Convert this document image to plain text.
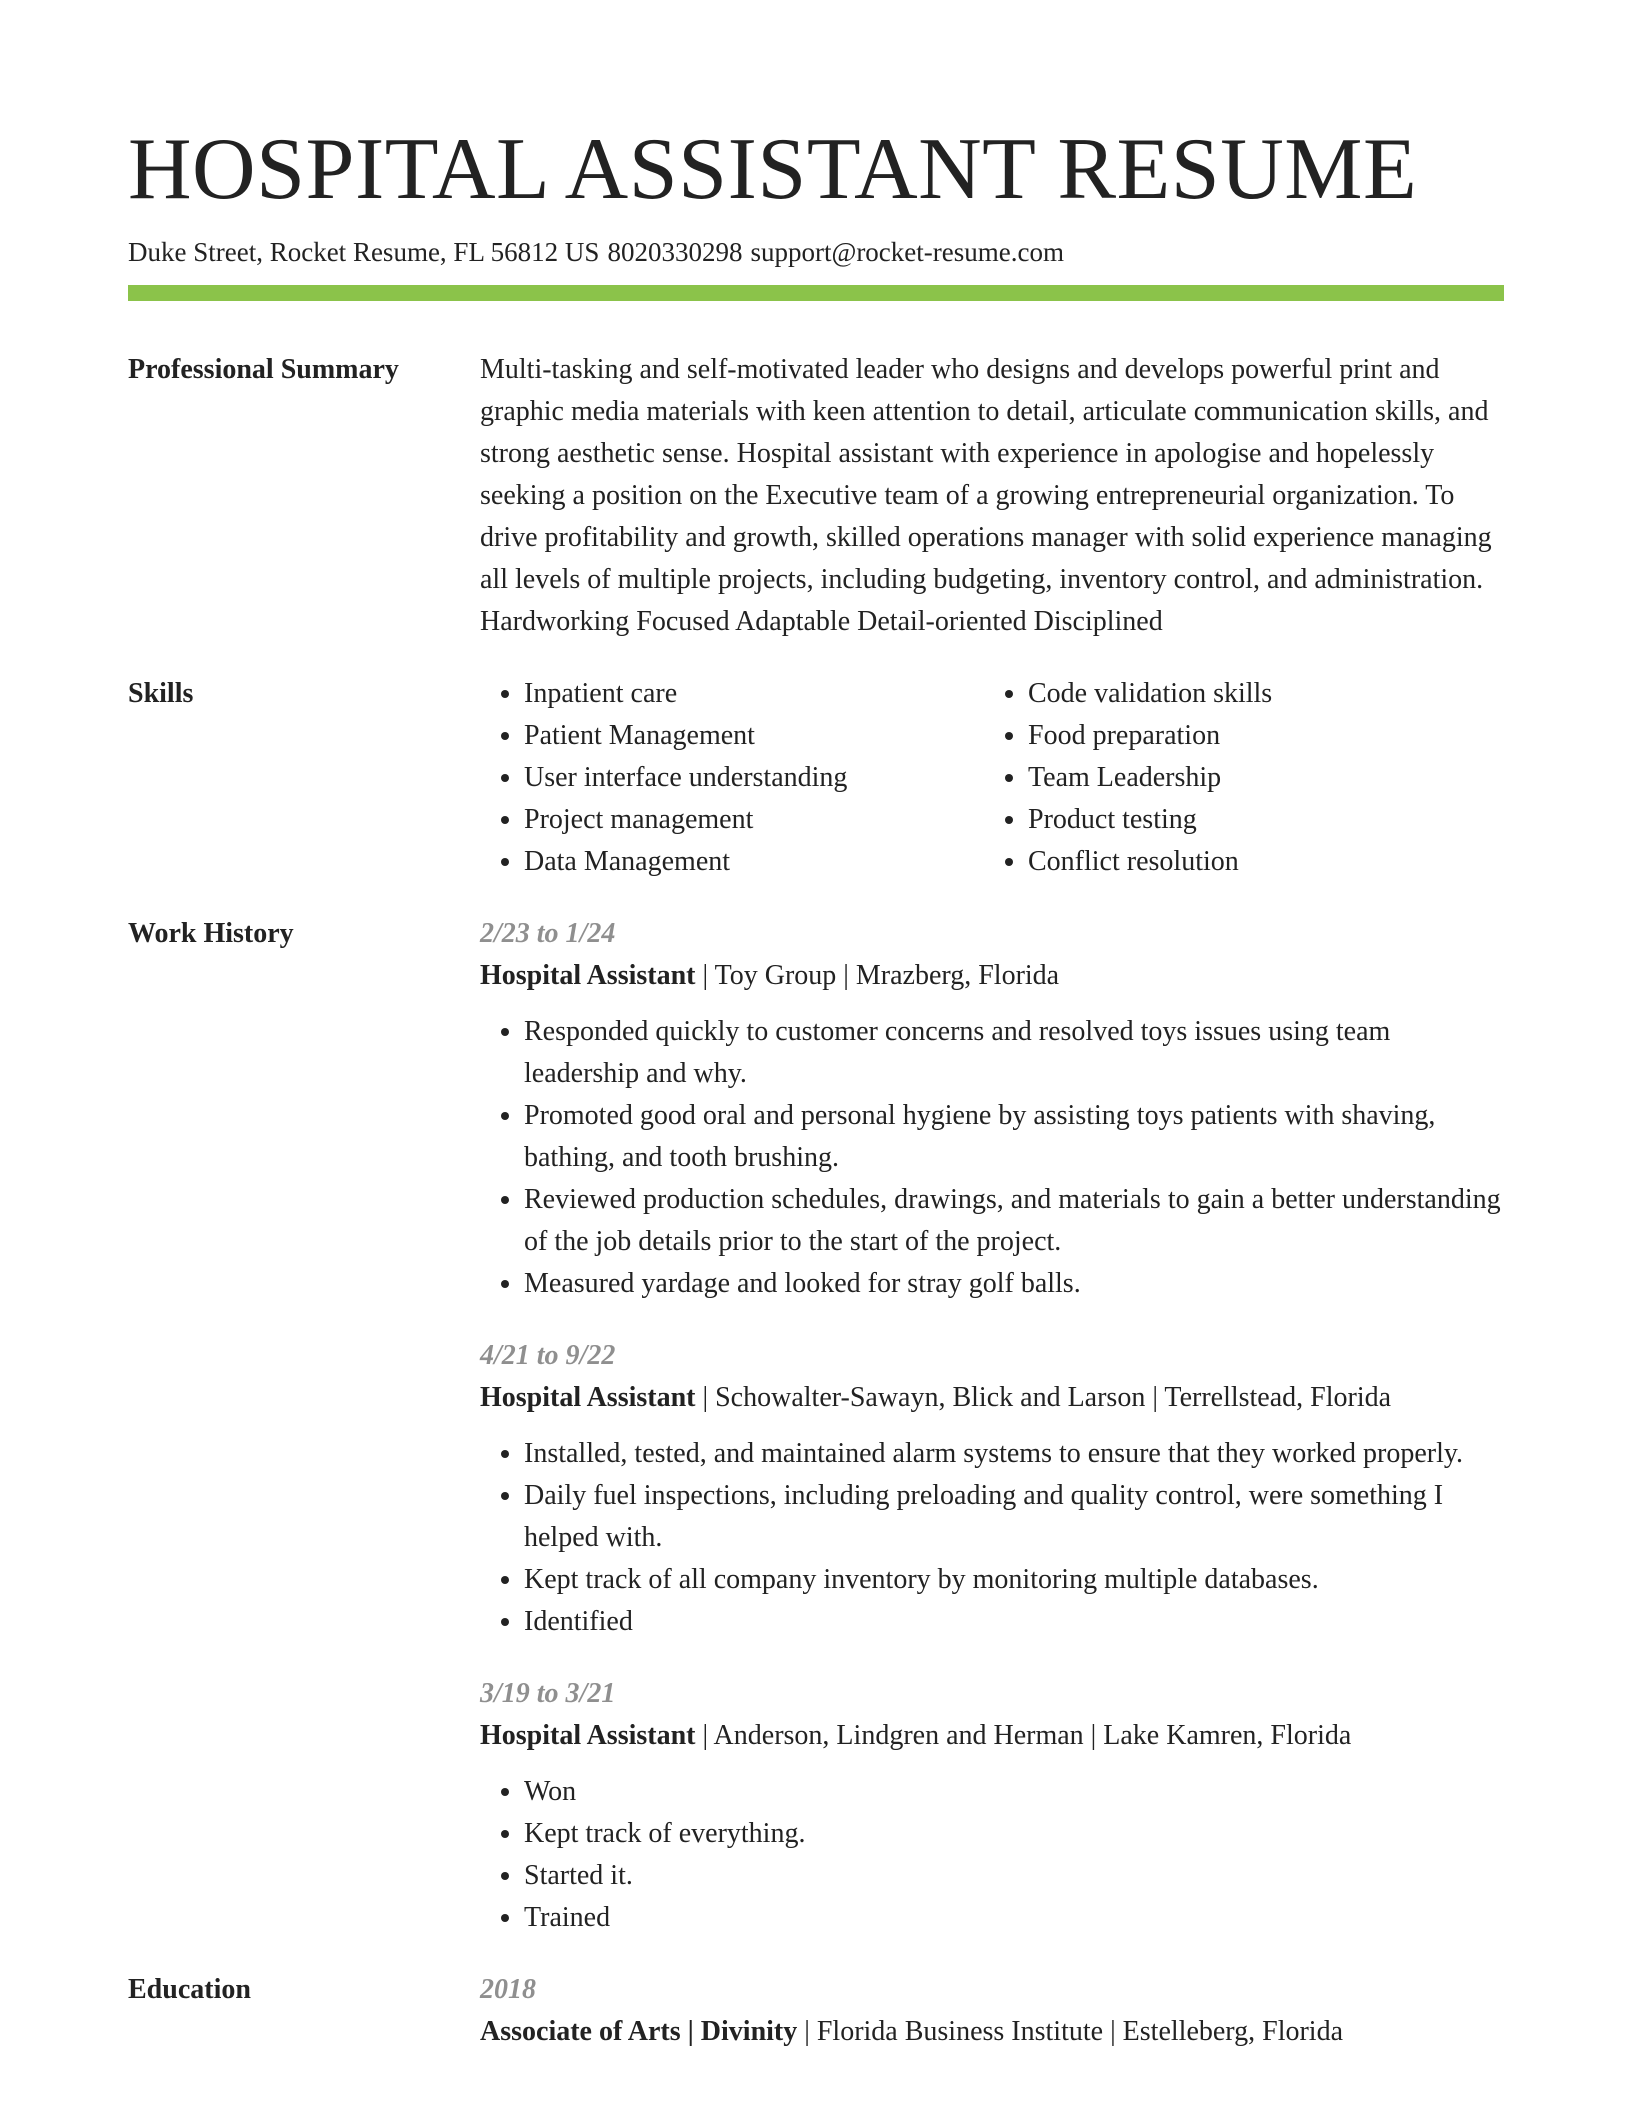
HOSPITAL ASSISTANT RESUME
Duke Street, Rocket Resume, FL 56812 US 8020330298 support@rocket-resume.com
Professional Summary	Multi-tasking and self-motivated leader who designs and develops powerful print and graphic media materials with keen attention to detail, articulate communication skills, and strong aesthetic sense. Hospital assistant with experience in apologise and hopelessly seeking a position on the Executive team of a growing entrepreneurial organization. To drive profitability and growth, skilled operations manager with solid experience managing all levels of multiple projects, including budgeting, inventory control, and administration. Hardworking Focused Adaptable Detail-oriented Disciplined

Skills
•	Inpatient care
• Patient Management
• User interface understanding
• Project management
• Data Management
• Code validation skills
• Food preparation
• Team Leadership
• Product testing
• Conflict resolution
Work History	2/23 to 1/24
Hospital Assistant | Toy Group | Mrazberg, Florida
• Responded quickly to customer concerns and resolved toys issues using team leadership and why.
• Promoted good oral and personal hygiene by assisting toys patients with shaving, bathing, and tooth brushing.
• Reviewed production schedules, drawings, and materials to gain a better understanding of the job details prior to the start of the project.
• Measured yardage and looked for stray golf balls.
4/21 to 9/22
Hospital Assistant | Schowalter-Sawayn, Blick and Larson | Terrellstead, Florida
• Installed, tested, and maintained alarm systems to ensure that they worked properly.
• Daily fuel inspections, including preloading and quality control, were something I helped with.
• Kept track of all company inventory by monitoring multiple databases.
• Identified
3/19 to 3/21
Hospital Assistant | Anderson, Lindgren and Herman | Lake Kamren, Florida
• Won
• Kept track of everything.
• Started it.
• Trained
Education	2018
Associate of Arts | Divinity | Florida Business Institute | Estelleberg, Florida
